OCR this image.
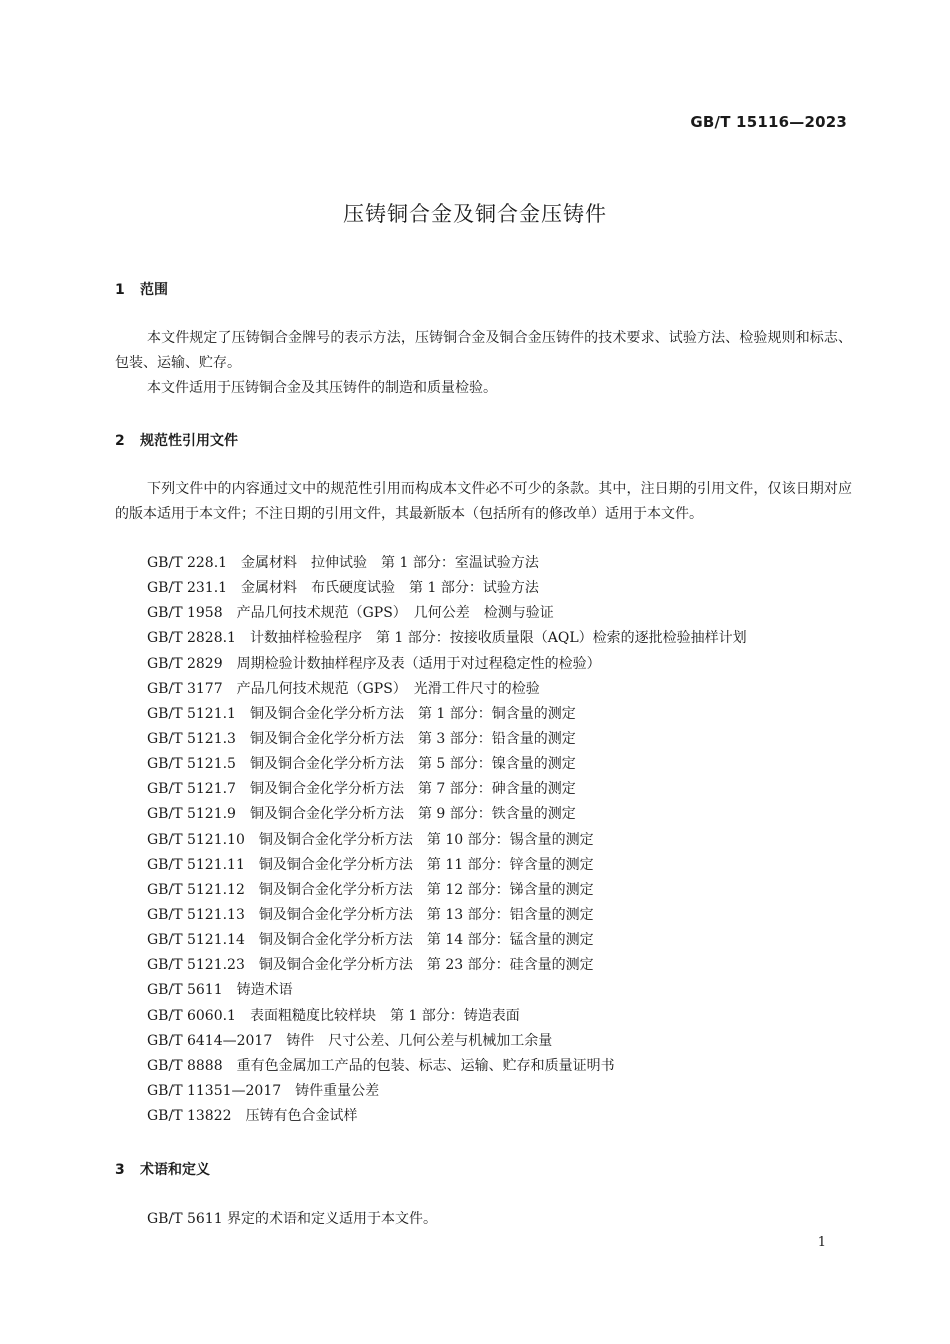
GB/T 15116—2023
压铸铜合金及铜合金压铸件
1 范围
本文件规定了压铸铜合金牌号的表示方法，压铸铜合金及铜合金压铸件的技术要求、试验方法、检验规则和标志、包装、运输、贮存。
本文件适用于压铸铜合金及其压铸件的制造和质量检验。
2 规范性引用文件
下列文件中的内容通过文中的规范性引用而构成本文件必不可少的条款。其中，注日期的引用文件，仅该日期对应的版本适用于本文件；不注日期的引用文件，其最新版本（包括所有的修改单）适用于本文件。
GB/T 228.1　金属材料　拉伸试验　第 1 部分：室温试验方法
GB/T 231.1　金属材料　布氏硬度试验　第 1 部分：试验方法
GB/T 1958　产品几何技术规范（GPS）　几何公差　检测与验证
GB/T 2828.1　计数抽样检验程序　第 1 部分：按接收质量限（AQL）检索的逐批检验抽样计划
GB/T 2829　周期检验计数抽样程序及表（适用于对过程稳定性的检验）
GB/T 3177　产品几何技术规范（GPS）　光滑工件尺寸的检验
GB/T 5121.1　铜及铜合金化学分析方法　第 1 部分：铜含量的测定
GB/T 5121.3　铜及铜合金化学分析方法　第 3 部分：铅含量的测定
GB/T 5121.5　铜及铜合金化学分析方法　第 5 部分：镍含量的测定
GB/T 5121.7　铜及铜合金化学分析方法　第 7 部分：砷含量的测定
GB/T 5121.9　铜及铜合金化学分析方法　第 9 部分：铁含量的测定
GB/T 5121.10　铜及铜合金化学分析方法　第 10 部分：锡含量的测定
GB/T 5121.11　铜及铜合金化学分析方法　第 11 部分：锌含量的测定
GB/T 5121.12　铜及铜合金化学分析方法　第 12 部分：锑含量的测定
GB/T 5121.13　铜及铜合金化学分析方法　第 13 部分：铝含量的测定
GB/T 5121.14　铜及铜合金化学分析方法　第 14 部分：锰含量的测定
GB/T 5121.23　铜及铜合金化学分析方法　第 23 部分：硅含量的测定
GB/T 5611　铸造术语
GB/T 6060.1　表面粗糙度比较样块　第 1 部分：铸造表面
GB/T 6414—2017　铸件　尺寸公差、几何公差与机械加工余量
GB/T 8888　重有色金属加工产品的包装、标志、运输、贮存和质量证明书
GB/T 11351—2017　铸件重量公差
GB/T 13822　压铸有色合金试样
3 术语和定义
GB/T 5611 界定的术语和定义适用于本文件。
1
